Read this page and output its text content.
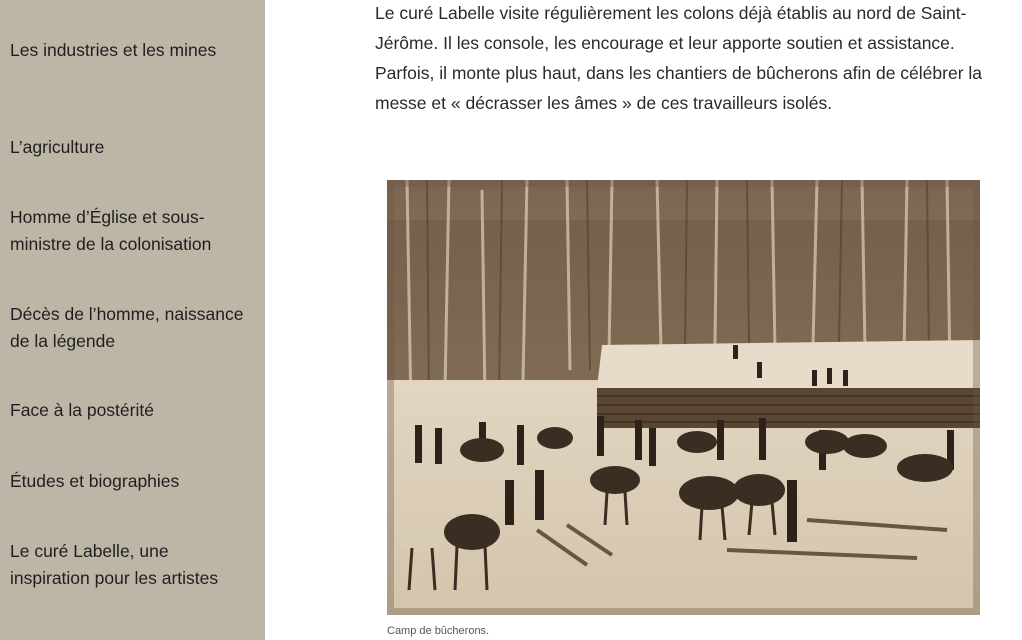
Les industries et les mines
L’agriculture
Homme d’Église et sous-ministre de la colonisation
Décès de l’homme, naissance de la légende
Face à la postérité
Études et biographies
Le curé Labelle, une inspiration pour les artistes

Le curé Labelle visite régulièrement les colons déjà établis au nord de Saint-Jérôme. Il les console, les encourage et leur apporte soutien et assistance. Parfois, il monte plus haut, dans les chantiers de bûcherons afin de célébrer la messe et « décrasser les âmes » de ces travailleurs isolés.

Camp de bûcherons.
